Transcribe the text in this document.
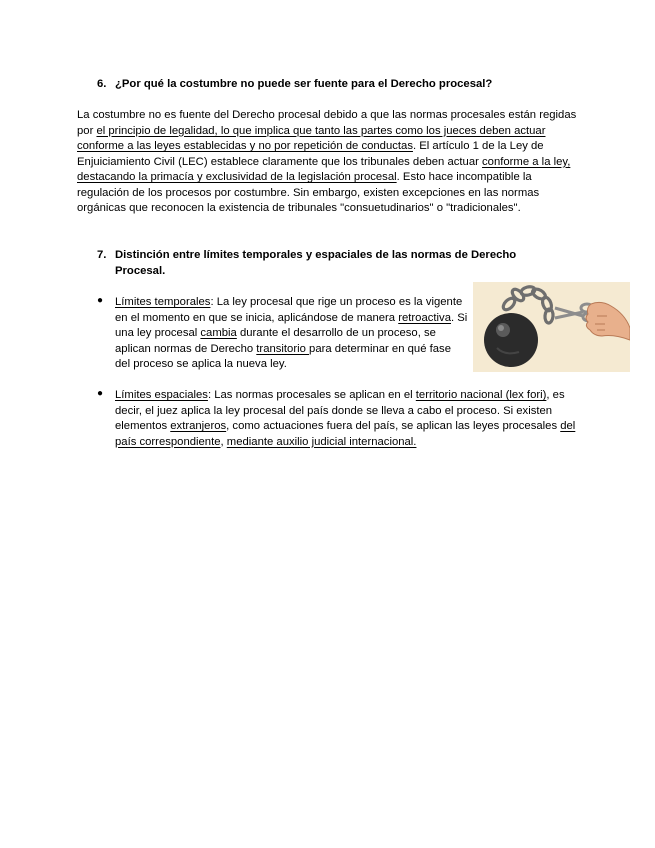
6. ¿Por qué la costumbre no puede ser fuente para el Derecho procesal?
La costumbre no es fuente del Derecho procesal debido a que las normas procesales están regidas por el principio de legalidad, lo que implica que tanto las partes como los jueces deben actuar conforme a las leyes establecidas y no por repetición de conductas. El artículo 1 de la Ley de Enjuiciamiento Civil (LEC) establece claramente que los tribunales deben actuar conforme a la ley, destacando la primacía y exclusividad de la legislación procesal. Esto hace incompatible la regulación de los procesos por costumbre. Sin embargo, existen excepciones en las normas orgánicas que reconocen la existencia de tribunales "consuetudinarios" o "tradicionales".
7. Distinción entre límites temporales y espaciales de las normas de Derecho
Procesal.
● Límites temporales: La ley procesal que rige un proceso es la vigente en el momento en que se inicia, aplicándose de manera retroactiva. Si una ley procesal cambia durante el desarrollo de un proceso, se aplican normas de Derecho transitorio para determinar en qué fase del proceso se aplica la nueva ley.
● Límites espaciales: Las normas procesales se aplican en el territorio nacional (lex fori), es decir, el juez aplica la ley procesal del país donde se lleva a cabo el proceso. Si existen elementos extranjeros, como actuaciones fuera del país, se aplican las leyes procesales del país correspondiente, mediante auxilio judicial internacional.
